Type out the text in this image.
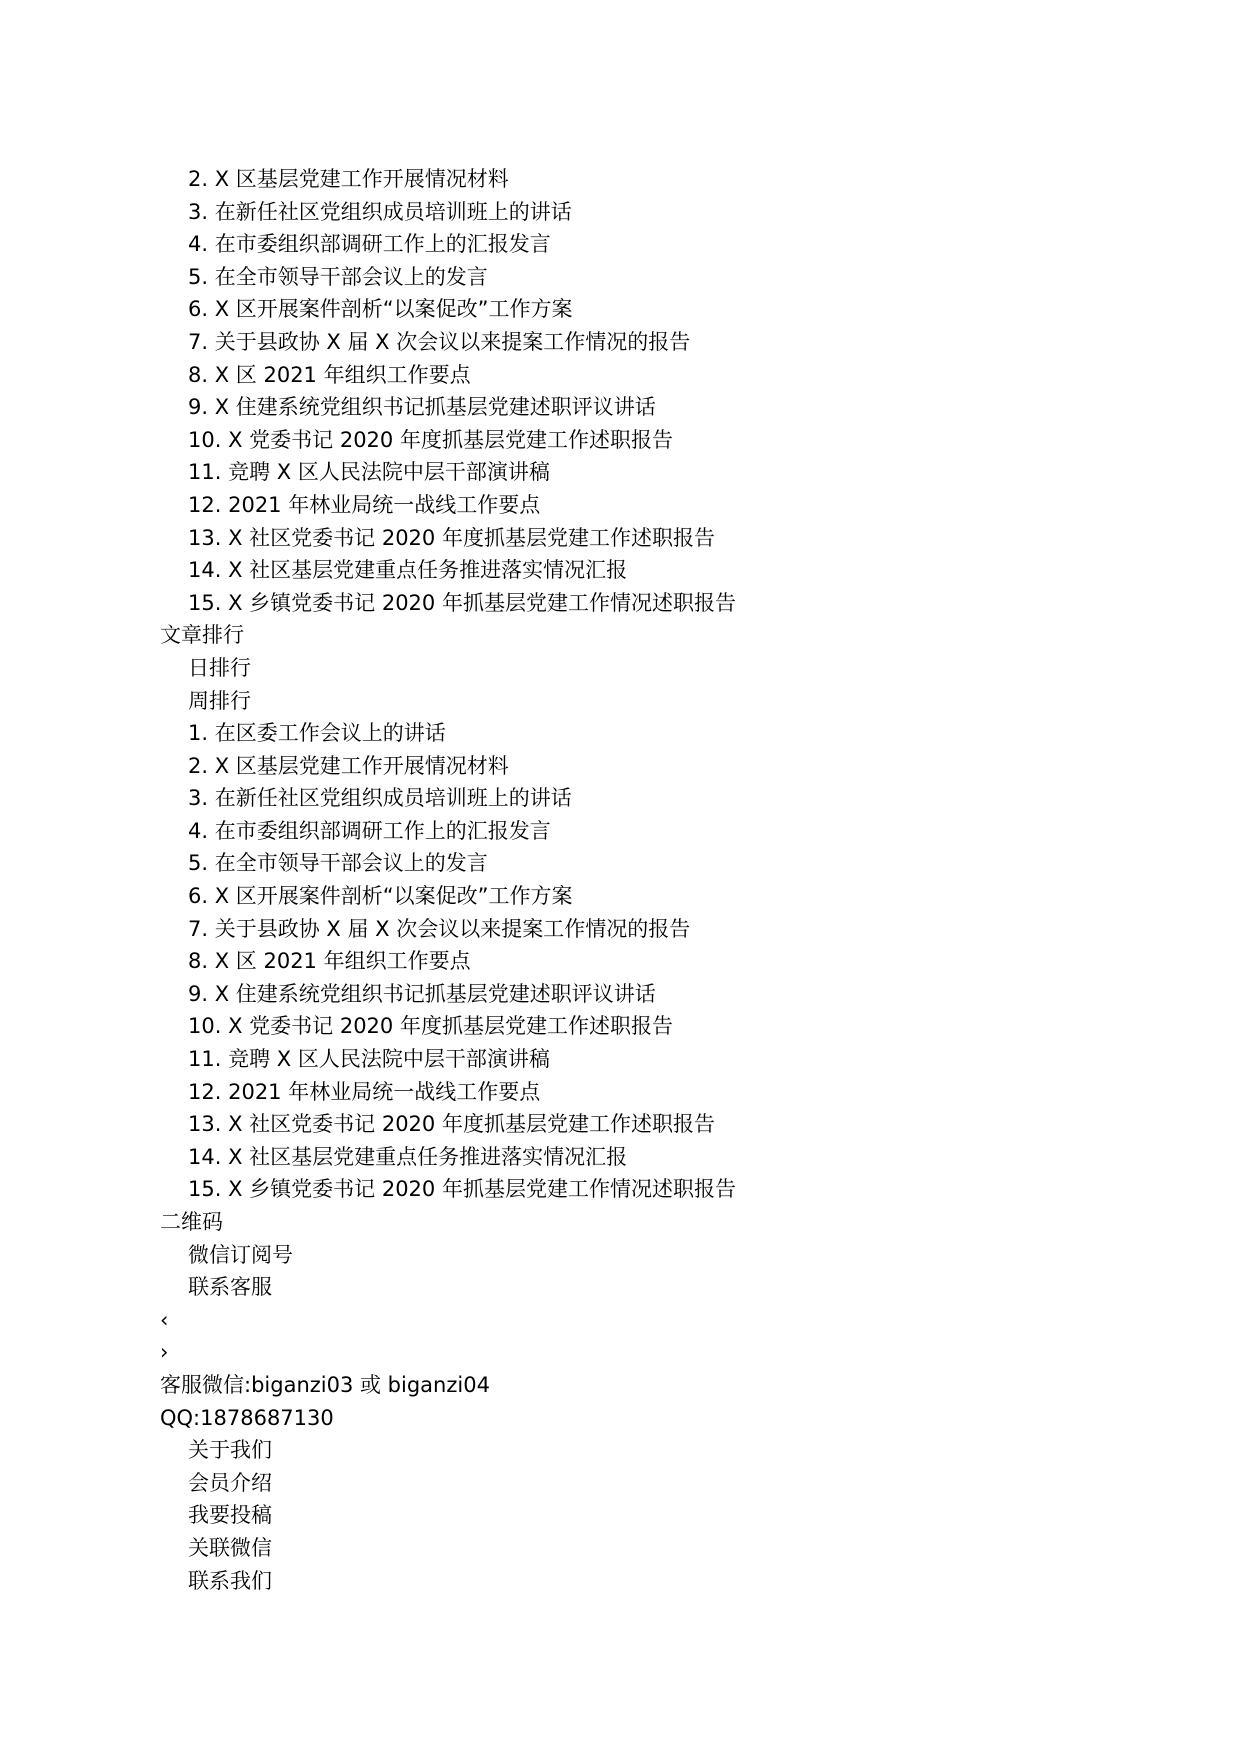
2. X 区基层党建工作开展情况材料
3. 在新任社区党组织成员培训班上的讲话
4. 在市委组织部调研工作上的汇报发言
5. 在全市领导干部会议上的发言
6. X 区开展案件剖析“以案促改”工作方案
7. 关于县政协 X 届 X 次会议以来提案工作情况的报告
8. X 区 2021 年组织工作要点
9. X 住建系统党组织书记抓基层党建述职评议讲话
10. X 党委书记 2020 年度抓基层党建工作述职报告
11. 竞聘 X 区人民法院中层干部演讲稿
12. 2021 年林业局统一战线工作要点
13. X 社区党委书记 2020 年度抓基层党建工作述职报告
14. X 社区基层党建重点任务推进落实情况汇报
15. X 乡镇党委书记 2020 年抓基层党建工作情况述职报告
文章排行
日排行
周排行
1. 在区委工作会议上的讲话
2. X 区基层党建工作开展情况材料
3. 在新任社区党组织成员培训班上的讲话
4. 在市委组织部调研工作上的汇报发言
5. 在全市领导干部会议上的发言
6. X 区开展案件剖析“以案促改”工作方案
7. 关于县政协 X 届 X 次会议以来提案工作情况的报告
8. X 区 2021 年组织工作要点
9. X 住建系统党组织书记抓基层党建述职评议讲话
10. X 党委书记 2020 年度抓基层党建工作述职报告
11. 竞聘 X 区人民法院中层干部演讲稿
12. 2021 年林业局统一战线工作要点
13. X 社区党委书记 2020 年度抓基层党建工作述职报告
14. X 社区基层党建重点任务推进落实情况汇报
15. X 乡镇党委书记 2020 年抓基层党建工作情况述职报告
二维码
微信订阅号
联系客服
‹
›
客服微信:biganzi03 或 biganzi04
QQ:1878687130
关于我们
会员介绍
我要投稿
关联微信
联系我们
